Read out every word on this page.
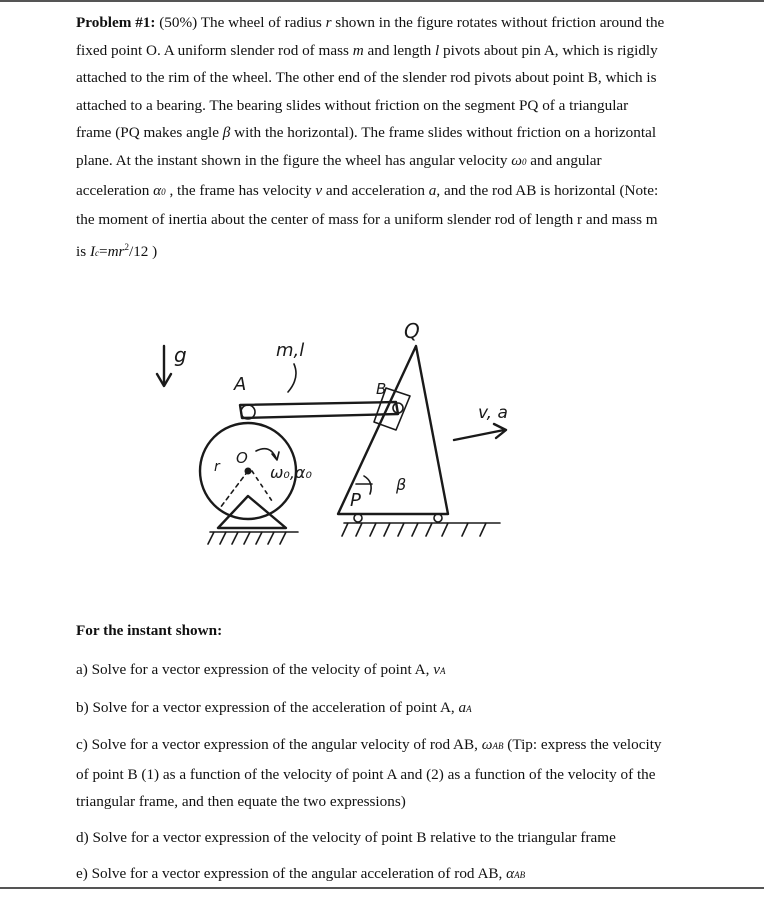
Problem #1: (50%) The wheel of radius r shown in the figure rotates without friction around the fixed point O. A uniform slender rod of mass m and length l pivots about pin A, which is rigidly attached to the rim of the wheel. The other end of the slender rod pivots about point B, which is attached to a bearing. The bearing slides without friction on the segment PQ of a triangular frame (PQ makes angle β with the horizontal). The frame slides without friction on a horizontal plane. At the instant shown in the figure the wheel has angular velocity ω0 and angular acceleration α0 , the frame has velocity v and acceleration a, and the rod AB is horizontal (Note: the moment of inertia about the center of mass for a uniform slender rod of length r and mass m is $Ic=mr^2/12$ )

g	m,l
A
O
r	ω₀,α₀
B
Q
P
β
v, a

For the instant shown:

a) Solve for a vector expression of the velocity of point A, vA

b) Solve for a vector expression of the acceleration of point A, aA

c) Solve for a vector expression of the angular velocity of rod AB, ωAB (Tip: express the velocity of point B (1) as a function of the velocity of point A and (2) as a function of the velocity of the triangular frame, and then equate the two expressions)

d) Solve for a vector expression of the velocity of point B relative to the triangular frame

e) Solve for a vector expression of the angular acceleration of rod AB, αAB
